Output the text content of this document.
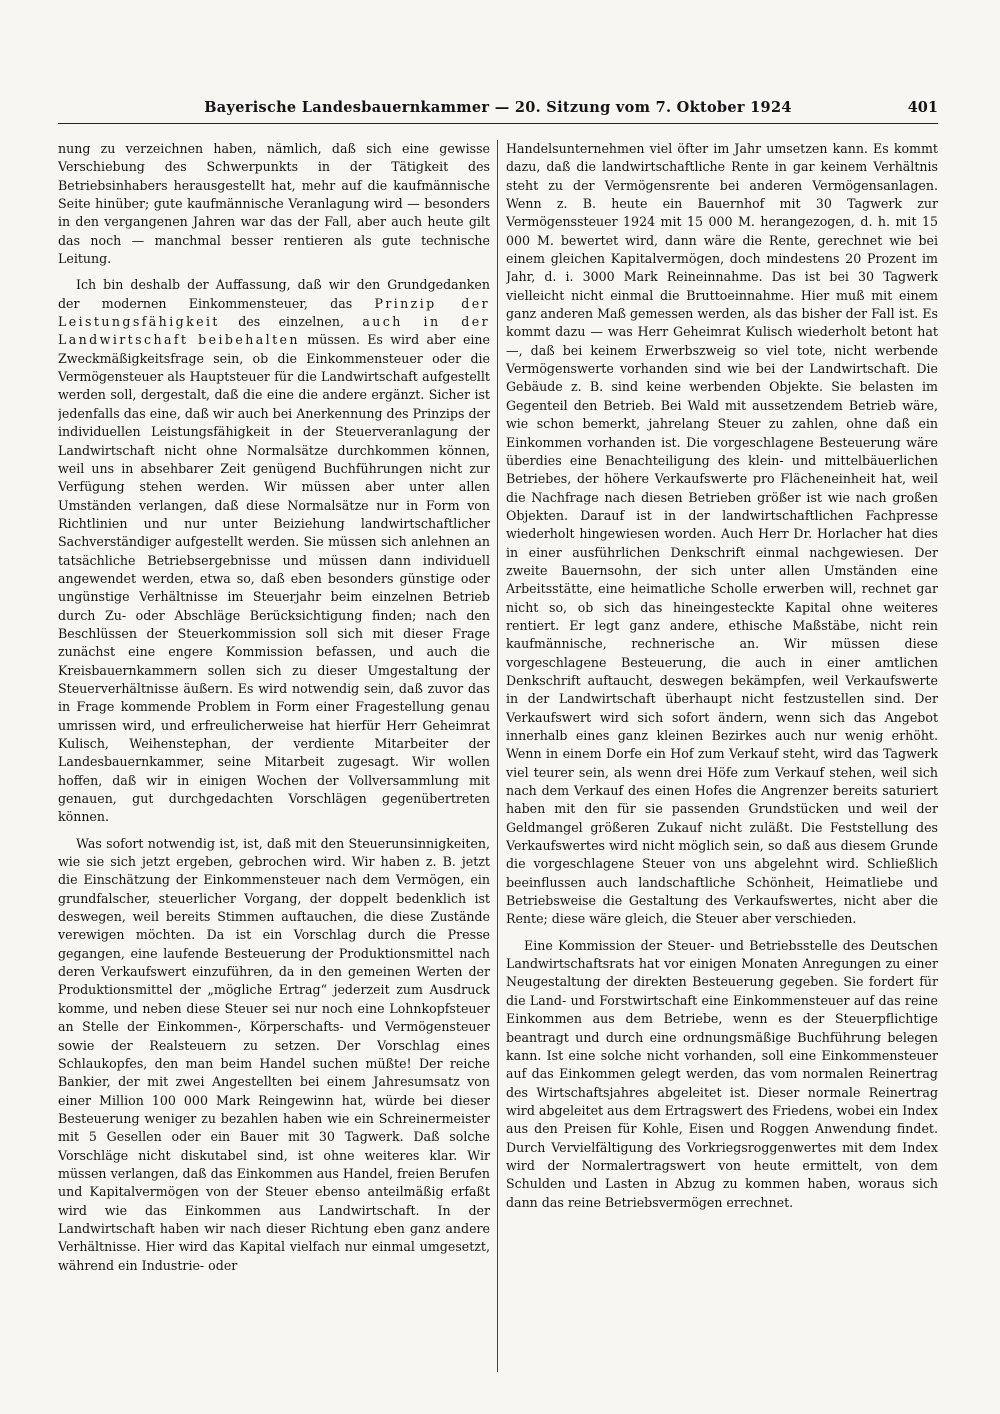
Bayerische Landesbauernkammer — 20. Sitzung vom 7. Oktober 1924	401

nung zu verzeichnen haben, nämlich, daß sich eine gewisse Verschiebung des Schwerpunkts in der Tätigkeit des Betriebsinhabers herausgestellt hat, mehr auf die kaufmännische Seite hinüber; gute kaufmännische Veranlagung wird — besonders in den vergangenen Jahren war das der Fall, aber auch heute gilt das noch — manchmal besser rentieren als gute technische Leitung.

Ich bin deshalb der Auffassung, daß wir den Grundgedanken der modernen Einkommensteuer, das Prinzip der Leistungsfähigkeit des einzelnen, auch in der Landwirtschaft beibehalten müssen. Es wird aber eine Zweckmäßigkeitsfrage sein, ob die Einkommensteuer oder die Vermögensteuer als Hauptsteuer für die Landwirtschaft aufgestellt werden soll, dergestalt, daß die eine die andere ergänzt. Sicher ist jedenfalls das eine, daß wir auch bei Anerkennung des Prinzips der individuellen Leistungsfähigkeit in der Steuerveranlagung der Landwirtschaft nicht ohne Normalsätze durchkommen können, weil uns in absehbarer Zeit genügend Buchführungen nicht zur Verfügung stehen werden. Wir müssen aber unter allen Umständen verlangen, daß diese Normalsätze nur in Form von Richtlinien und nur unter Beiziehung landwirtschaftlicher Sachverständiger aufgestellt werden. Sie müssen sich anlehnen an tatsächliche Betriebsergebnisse und müssen dann individuell angewendet werden, etwa so, daß eben besonders günstige oder ungünstige Verhältnisse im Steuerjahr beim einzelnen Betrieb durch Zu- oder Abschläge Berücksichtigung finden; nach den Beschlüssen der Steuerkommission soll sich mit dieser Frage zunächst eine engere Kommission befassen, und auch die Kreisbauernkammern sollen sich zu dieser Umgestaltung der Steuerverhältnisse äußern. Es wird notwendig sein, daß zuvor das in Frage kommende Problem in Form einer Fragestellung genau umrissen wird, und erfreulicherweise hat hierfür Herr Geheimrat Kulisch, Weihenstephan, der verdiente Mitarbeiter der Landesbauernkammer, seine Mitarbeit zugesagt. Wir wollen hoffen, daß wir in einigen Wochen der Vollversammlung mit genauen, gut durchgedachten Vorschlägen gegenübertreten können.

Was sofort notwendig ist, ist, daß mit den Steuerunsinnigkeiten, wie sie sich jetzt ergeben, gebrochen wird. Wir haben z. B. jetzt die Einschätzung der Einkommensteuer nach dem Vermögen, ein grundfalscher, steuerlicher Vorgang, der doppelt bedenklich ist deswegen, weil bereits Stimmen auftauchen, die diese Zustände verewigen möchten. Da ist ein Vorschlag durch die Presse gegangen, eine laufende Besteuerung der Produktionsmittel nach deren Verkaufswert einzuführen, da in den gemeinen Werten der Produktionsmittel der „mögliche Ertrag“ jederzeit zum Ausdruck komme, und neben diese Steuer sei nur noch eine Lohnkopfsteuer an Stelle der Einkommen-, Körperschafts- und Vermögensteuer sowie der Realsteuern zu setzen. Der Vorschlag eines Schlaukopfes, den man beim Handel suchen müßte! Der reiche Bankier, der mit zwei Angestellten bei einem Jahresumsatz von einer Million 100 000 Mark Reingewinn hat, würde bei dieser Besteuerung weniger zu bezahlen haben wie ein Schreinermeister mit 5 Gesellen oder ein Bauer mit 30 Tagwerk. Daß solche Vorschläge nicht diskutabel sind, ist ohne weiteres klar. Wir müssen verlangen, daß das Einkommen aus Handel, freien Berufen und Kapitalvermögen von der Steuer ebenso anteilmäßig erfaßt wird wie das Einkommen aus Landwirtschaft. In der Landwirtschaft haben wir nach dieser Richtung eben ganz andere Verhältnisse. Hier wird das Kapital vielfach nur einmal umgesetzt, während ein Industrie- oder

Handelsunternehmen viel öfter im Jahr umsetzen kann. Es kommt dazu, daß die landwirtschaftliche Rente in gar keinem Verhältnis steht zu der Vermögensrente bei anderen Vermögensanlagen. Wenn z. B. heute ein Bauernhof mit 30 Tagwerk zur Vermögenssteuer 1924 mit 15 000 M. herangezogen, d. h. mit 15 000 M. bewertet wird, dann wäre die Rente, gerechnet wie bei einem gleichen Kapitalvermögen, doch mindestens 20 Prozent im Jahr, d. i. 3000 Mark Reineinnahme. Das ist bei 30 Tagwerk vielleicht nicht einmal die Bruttoeinnahme. Hier muß mit einem ganz anderen Maß gemessen werden, als das bisher der Fall ist. Es kommt dazu — was Herr Geheimrat Kulisch wiederholt betont hat —, daß bei keinem Erwerbszweig so viel tote, nicht werbende Vermögenswerte vorhanden sind wie bei der Landwirtschaft. Die Gebäude z. B. sind keine werbenden Objekte. Sie belasten im Gegenteil den Betrieb. Bei Wald mit aussetzendem Betrieb wäre, wie schon bemerkt, jahrelang Steuer zu zahlen, ohne daß ein Einkommen vorhanden ist. Die vorgeschlagene Besteuerung wäre überdies eine Benachteiligung des klein- und mittelbäuerlichen Betriebes, der höhere Verkaufswerte pro Flächeneinheit hat, weil die Nachfrage nach diesen Betrieben größer ist wie nach großen Objekten. Darauf ist in der landwirtschaftlichen Fachpresse wiederholt hingewiesen worden. Auch Herr Dr. Horlacher hat dies in einer ausführlichen Denkschrift einmal nachgewiesen. Der zweite Bauernsohn, der sich unter allen Umständen eine Arbeitsstätte, eine heimatliche Scholle erwerben will, rechnet gar nicht so, ob sich das hineingesteckte Kapital ohne weiteres rentiert. Er legt ganz andere, ethische Maßstäbe, nicht rein kaufmännische, rechnerische an. Wir müssen diese vorgeschlagene Besteuerung, die auch in einer amtlichen Denkschrift auftaucht, deswegen bekämpfen, weil Verkaufswerte in der Landwirtschaft überhaupt nicht festzustellen sind. Der Verkaufswert wird sich sofort ändern, wenn sich das Angebot innerhalb eines ganz kleinen Bezirkes auch nur wenig erhöht. Wenn in einem Dorfe ein Hof zum Verkauf steht, wird das Tagwerk viel teurer sein, als wenn drei Höfe zum Verkauf stehen, weil sich nach dem Verkauf des einen Hofes die Angrenzer bereits saturiert haben mit den für sie passenden Grundstücken und weil der Geldmangel größeren Zukauf nicht zuläßt. Die Feststellung des Verkaufswertes wird nicht möglich sein, so daß aus diesem Grunde die vorgeschlagene Steuer von uns abgelehnt wird. Schließlich beeinflussen auch landschaftliche Schönheit, Heimatliebe und Betriebsweise die Gestaltung des Verkaufswertes, nicht aber die Rente; diese wäre gleich, die Steuer aber verschieden.

Eine Kommission der Steuer- und Betriebsstelle des Deutschen Landwirtschaftsrats hat vor einigen Monaten Anregungen zu einer Neugestaltung der direkten Besteuerung gegeben. Sie fordert für die Land- und Forstwirtschaft eine Einkommensteuer auf das reine Einkommen aus dem Betriebe, wenn es der Steuerpflichtige beantragt und durch eine ordnungsmäßige Buchführung belegen kann. Ist eine solche nicht vorhanden, soll eine Einkommensteuer auf das Einkommen gelegt werden, das vom normalen Reinertrag des Wirtschaftsjahres abgeleitet ist. Dieser normale Reinertrag wird abgeleitet aus dem Ertragswert des Friedens, wobei ein Index aus den Preisen für Kohle, Eisen und Roggen Anwendung findet. Durch Vervielfältigung des Vorkriegsroggenwertes mit dem Index wird der Normalertragswert von heute ermittelt, von dem Schulden und Lasten in Abzug zu kommen haben, woraus sich dann das reine Betriebsvermögen errechnet.
